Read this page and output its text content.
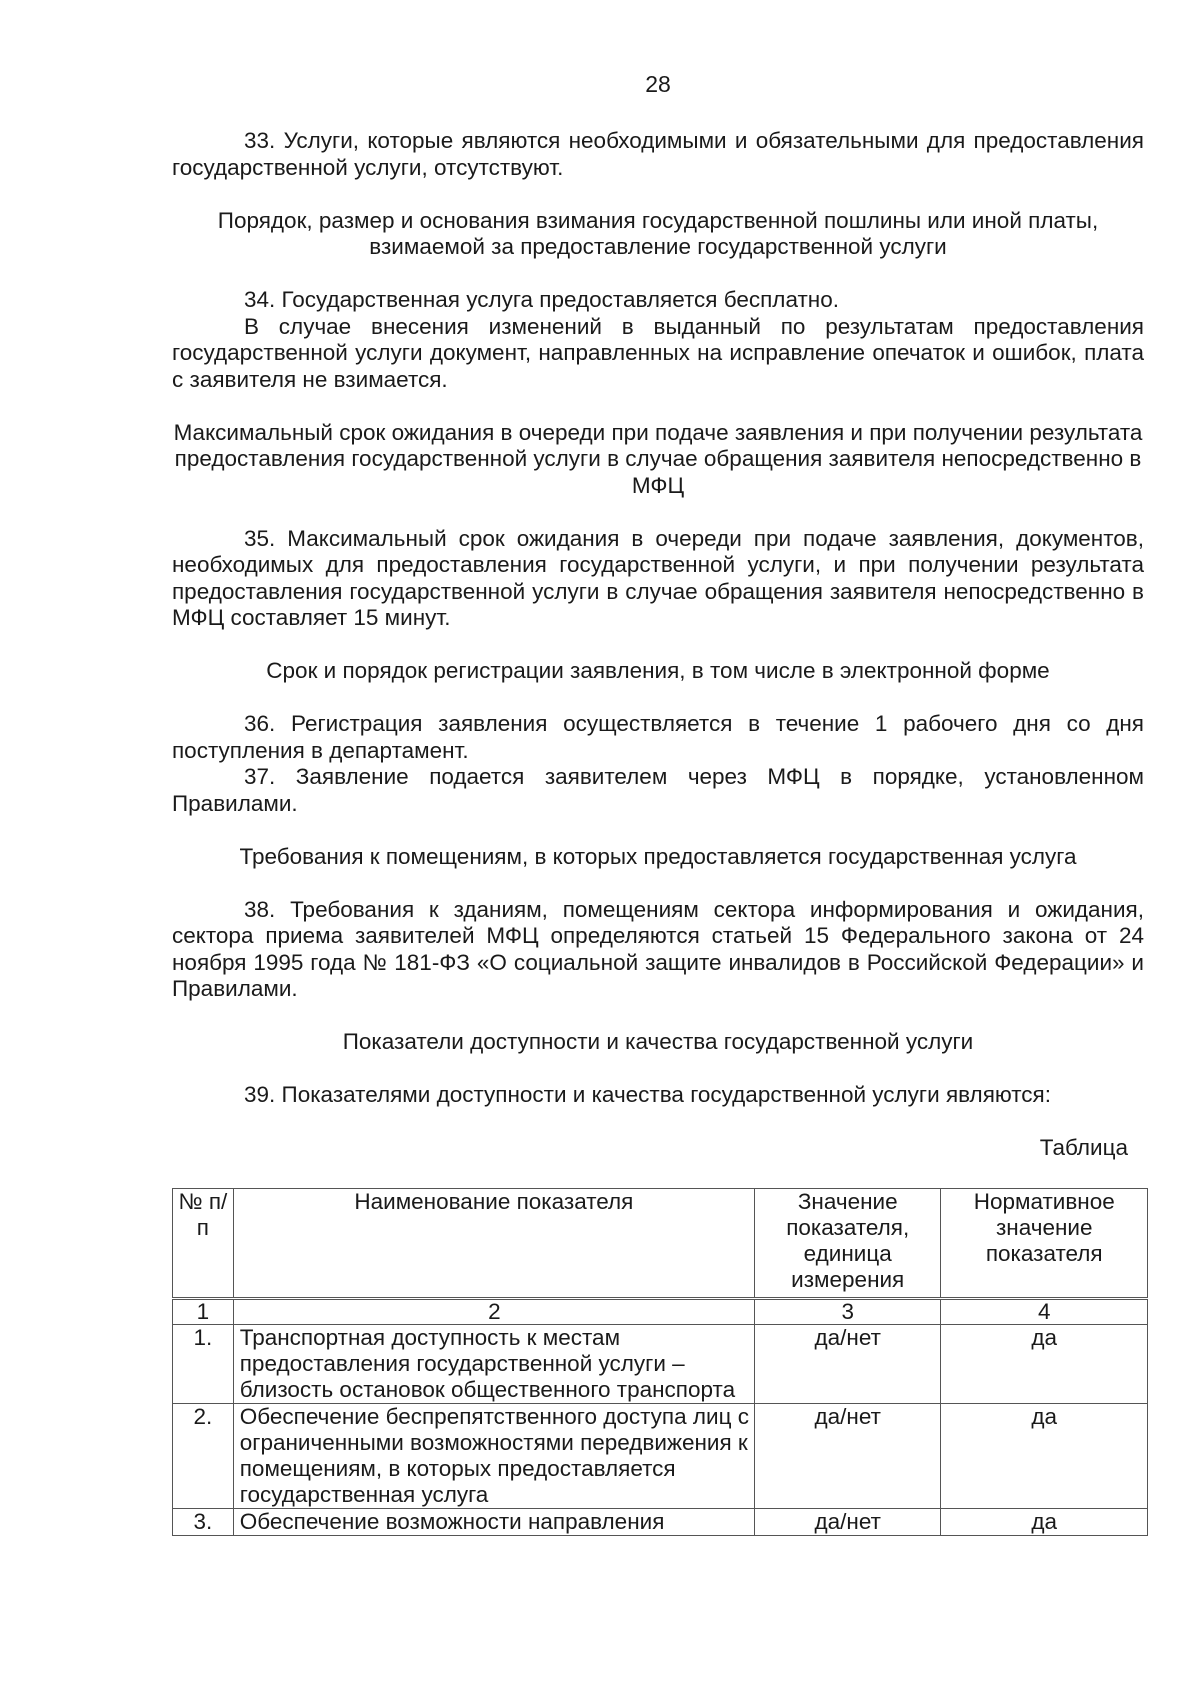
28

33. Услуги, которые являются необходимыми и обязательными для предоставления государственной услуги, отсутствуют.

Порядок, размер и основания взимания государственной пошлины или иной платы, взимаемой за предоставление государственной услуги

34. Государственная услуга предоставляется бесплатно.

В случае внесения изменений в выданный по результатам предоставления государственной услуги документ, направленных на исправление опечаток и ошибок, плата с заявителя не взимается.

Максимальный срок ожидания в очереди при подаче заявления и при получении результата предоставления государственной услуги в случае обращения заявителя непосредственно в МФЦ

35. Максимальный срок ожидания в очереди при подаче заявления, документов, необходимых для предоставления государственной услуги, и при получении результата предоставления государственной услуги в случае обращения заявителя непосредственно в МФЦ составляет 15 минут.

Срок и порядок регистрации заявления, в том числе в электронной форме

36. Регистрация заявления осуществляется в течение 1 рабочего дня со дня поступления в департамент.

37. Заявление подается заявителем через МФЦ в порядке, установленном Правилами.

Требования к помещениям, в которых предоставляется государственная услуга

38. Требования к зданиям, помещениям сектора информирования и ожидания, сектора приема заявителей МФЦ определяются статьей 15 Федерального закона от 24 ноября 1995 года № 181-ФЗ «О социальной защите инвалидов в Российской Федерации» и Правилами.

Показатели доступности и качества государственной услуги

39. Показателями доступности и качества государственной услуги являются:

Таблица

№ п/п	Наименование показателя	Значение показателя, единица измерения	Нормативное значение показателя
1	2	3	4
1.	Транспортная доступность к местам предоставления государственной услуги – близость остановок общественного транспорта	да/нет	да
2.	Обеспечение беспрепятственного доступа лиц с ограниченными возможностями передвижения к помещениям, в которых предоставляется государственная услуга	да/нет	да
3.	Обеспечение возможности направления	да/нет	да
